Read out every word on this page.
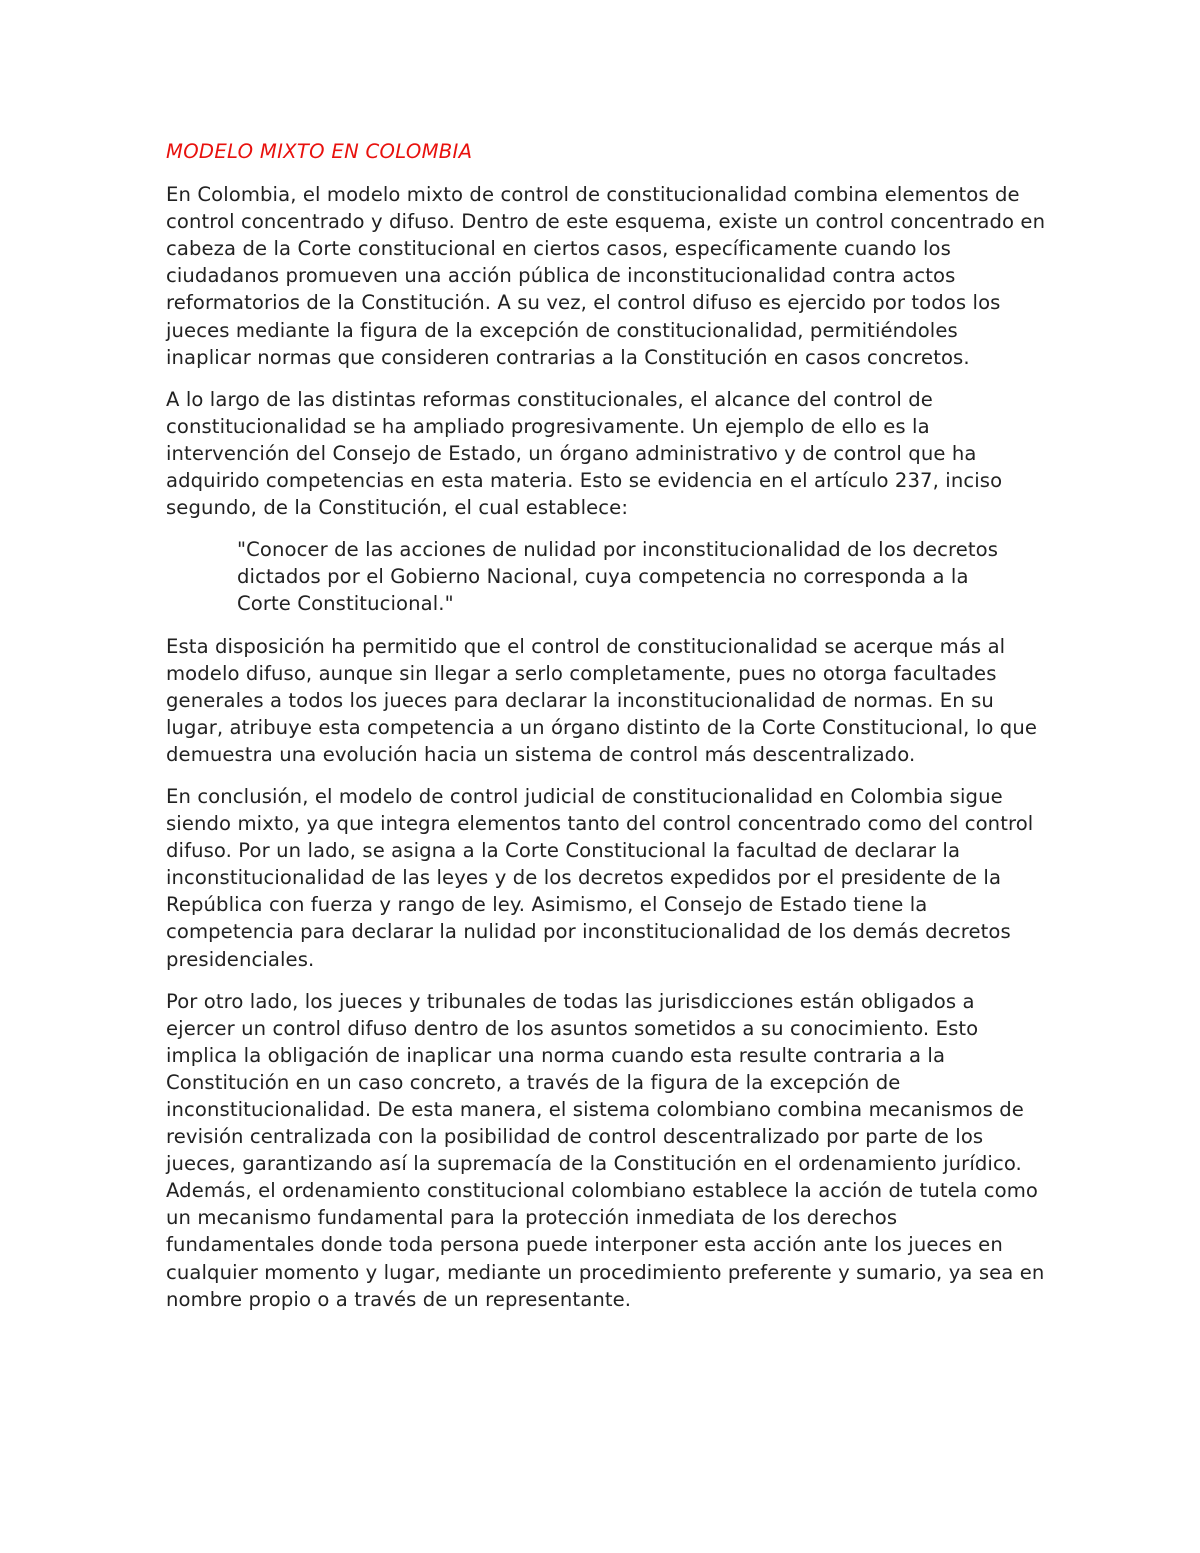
MODELO MIXTO EN COLOMBIA

En Colombia, el modelo mixto de control de constitucionalidad combina elementos de control concentrado y difuso. Dentro de este esquema, existe un control concentrado en cabeza de la Corte constitucional en ciertos casos, específicamente cuando los ciudadanos promueven una acción pública de inconstitucionalidad contra actos reformatorios de la Constitución. A su vez, el control difuso es ejercido por todos los jueces mediante la figura de la excepción de constitucionalidad, permitiéndoles inaplicar normas que consideren contrarias a la Constitución en casos concretos.

A lo largo de las distintas reformas constitucionales, el alcance del control de constitucionalidad se ha ampliado progresivamente. Un ejemplo de ello es la intervención del Consejo de Estado, un órgano administrativo y de control que ha adquirido competencias en esta materia. Esto se evidencia en el artículo 237, inciso segundo, de la Constitución, el cual establece:

"Conocer de las acciones de nulidad por inconstitucionalidad de los decretos dictados por el Gobierno Nacional, cuya competencia no corresponda a la Corte Constitucional."

Esta disposición ha permitido que el control de constitucionalidad se acerque más al modelo difuso, aunque sin llegar a serlo completamente, pues no otorga facultades generales a todos los jueces para declarar la inconstitucionalidad de normas. En su lugar, atribuye esta competencia a un órgano distinto de la Corte Constitucional, lo que demuestra una evolución hacia un sistema de control más descentralizado.

En conclusión, el modelo de control judicial de constitucionalidad en Colombia sigue siendo mixto, ya que integra elementos tanto del control concentrado como del control difuso. Por un lado, se asigna a la Corte Constitucional la facultad de declarar la inconstitucionalidad de las leyes y de los decretos expedidos por el presidente de la República con fuerza y rango de ley. Asimismo, el Consejo de Estado tiene la competencia para declarar la nulidad por inconstitucionalidad de los demás decretos presidenciales.

Por otro lado, los jueces y tribunales de todas las jurisdicciones están obligados a ejercer un control difuso dentro de los asuntos sometidos a su conocimiento. Esto implica la obligación de inaplicar una norma cuando esta resulte contraria a la Constitución en un caso concreto, a través de la figura de la excepción de inconstitucionalidad. De esta manera, el sistema colombiano combina mecanismos de revisión centralizada con la posibilidad de control descentralizado por parte de los jueces, garantizando así la supremacía de la Constitución en el ordenamiento jurídico. Además, el ordenamiento constitucional colombiano establece la acción de tutela como un mecanismo fundamental para la protección inmediata de los derechos fundamentales donde toda persona puede interponer esta acción ante los jueces en cualquier momento y lugar, mediante un procedimiento preferente y sumario, ya sea en nombre propio o a través de un representante.
